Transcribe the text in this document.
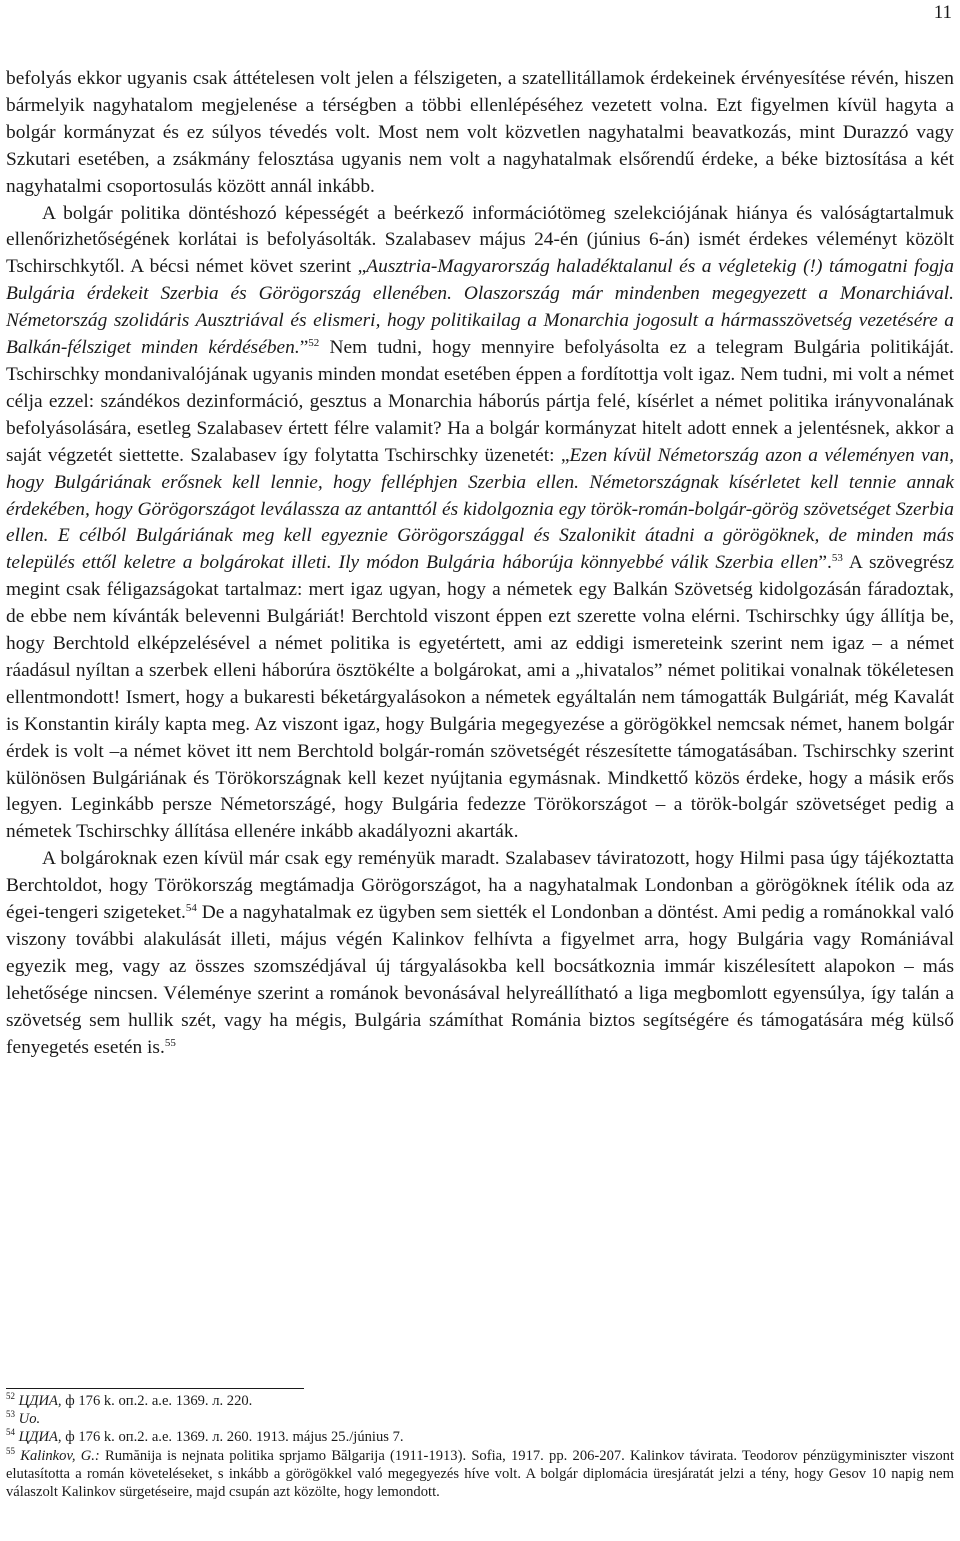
11

befolyás ekkor ugyanis csak áttételesen volt jelen a félszigeten, a szatellitállamok érdekeinek érvényesítése révén, hiszen bármelyik nagyhatalom megjelenése a térségben a többi ellenlépéséhez vezetett volna. Ezt figyelmen kívül hagyta a bolgár kormányzat és ez súlyos tévedés volt. Most nem volt közvetlen nagyhatalmi beavatkozás, mint Durazzó vagy Szkutari esetében, a zsákmány felosztása ugyanis nem volt a nagyhatalmak elsőrendű érdeke, a béke biztosítása a két nagyhatalmi csoportosulás között annál inkább.

A bolgár politika döntéshozó képességét a beérkező információtömeg szelekciójának hiánya és valóságtartalmuk ellenőrizhetőségének korlátai is befolyásolták. Szalabasev május 24-én (június 6-án) ismét érdekes véleményt közölt Tschirschkytől. A bécsi német követ szerint „Ausztria-Magyarország haladéktalanul és a végletekig (!) támogatni fogja Bulgária érdekeit Szerbia és Görögország ellenében. Olaszország már mindenben megegyezett a Monarchiával. Németország szolidáris Ausztriával és elismeri, hogy politikailag a Monarchia jogosult a hármasszövetség vezetésére a Balkán-félsziget minden kérdésében.”$^{52}$ Nem tudni, hogy mennyire befolyásolta ez a telegram Bulgária politikáját. Tschirschky mondanivalójának ugyanis minden mondat esetében éppen a fordítottja volt igaz. Nem tudni, mi volt a német célja ezzel: szándékos dezinformáció, gesztus a Monarchia háborús pártja felé, kísérlet a német politika irányvonalának befolyásolására, esetleg Szalabasev értett félre valamit? Ha a bolgár kormányzat hitelt adott ennek a jelentésnek, akkor a saját végzetét siettette. Szalabasev így folytatta Tschirschky üzenetét: „Ezen kívül Németország azon a véleményen van, hogy Bulgáriának erősnek kell lennie, hogy felléphjen Szerbia ellen. Németországnak kísérletet kell tennie annak érdekében, hogy Görögországot leválassza az antanttól és kidolgoznia egy török-román-bolgár-görög szövetséget Szerbia ellen. E célból Bulgáriának meg kell egyeznie Görögországgal és Szalonikit átadni a görögöknek, de minden más település ettől keletre a bolgárokat illeti. Ily módon Bulgária háborúja könnyebbé válik Szerbia ellen”.$^{53}$ A szövegrész megint csak féligazságokat tartalmaz: mert igaz ugyan, hogy a németek egy Balkán Szövetség kidolgozásán fáradoztak, de ebbe nem kívánták belevenni Bulgáriát! Berchtold viszont éppen ezt szerette volna elérni. Tschirschky úgy állítja be, hogy Berchtold elképzelésével a német politika is egyetértett, ami az eddigi ismereteink szerint nem igaz – a német ráadásul nyíltan a szerbek elleni háborúra ösztökélte a bolgárokat, ami a „hivatalos” német politikai vonalnak tökéletesen ellentmondott! Ismert, hogy a bukaresti béketárgyalásokon a németek egyáltalán nem támogatták Bulgáriát, még Kavalát is Konstantin király kapta meg. Az viszont igaz, hogy Bulgária megegyezése a görögökkel nemcsak német, hanem bolgár érdek is volt –a német követ itt nem Berchtold bolgár-román szövetségét részesítette támogatásában. Tschirschky szerint különösen Bulgáriának és Törökországnak kell kezet nyújtania egymásnak. Mindkettő közös érdeke, hogy a másik erős legyen. Leginkább persze Németországé, hogy Bulgária fedezze Törökországot – a török-bolgár szövetséget pedig a németek Tschirschky állítása ellenére inkább akadályozni akarták.

A bolgároknak ezen kívül már csak egy reményük maradt. Szalabasev táviratozott, hogy Hilmi pasa úgy tájékoztatta Berchtoldot, hogy Törökország megtámadja Görögországot, ha a nagyhatalmak Londonban a görögöknek ítélik oda az égei-tengeri szigeteket.$^{54}$ De a nagyhatalmak ez ügyben sem siették el Londonban a döntést. Ami pedig a románokkal való viszony további alakulását illeti, május végén Kalinkov felhívta a figyelmet arra, hogy Bulgária vagy Romániával egyezik meg, vagy az összes szomszédjával új tárgyalásokba kell bocsátkoznia immár kiszélesített alapokon – más lehetősége nincsen. Véleménye szerint a románok bevonásával helyreállítható a liga megbomlott egyensúlya, így talán a szövetség sem hullik szét, vagy ha mégis, Bulgária számíthat Románia biztos segítségére és támogatására még külső fenyegetés esetén is.$^{55}$

$^{52}$ ЦДИА, ф 176 k. оп.2. a.e. 1369. л. 220.

$^{53}$ Uo.

$^{54}$ ЦДИА, ф 176 k. оп.2. a.e. 1369. л. 260. 1913. május 25./június 7.

$^{55}$ Kalinkov, G.: Rumănija is nejnata politika sprjamo Bălgarija (1911-1913). Sofia, 1917. pp. 206-207. Kalinkov távirata. Teodorov pénzügyminiszter viszont elutasította a román követeléseket, s inkább a görögökkel való megegyezés híve volt. A bolgár diplomácia üresjáratát jelzi a tény, hogy Gesov 10 napig nem válaszolt Kalinkov sürgetéseire, majd csupán azt közölte, hogy lemondott.
